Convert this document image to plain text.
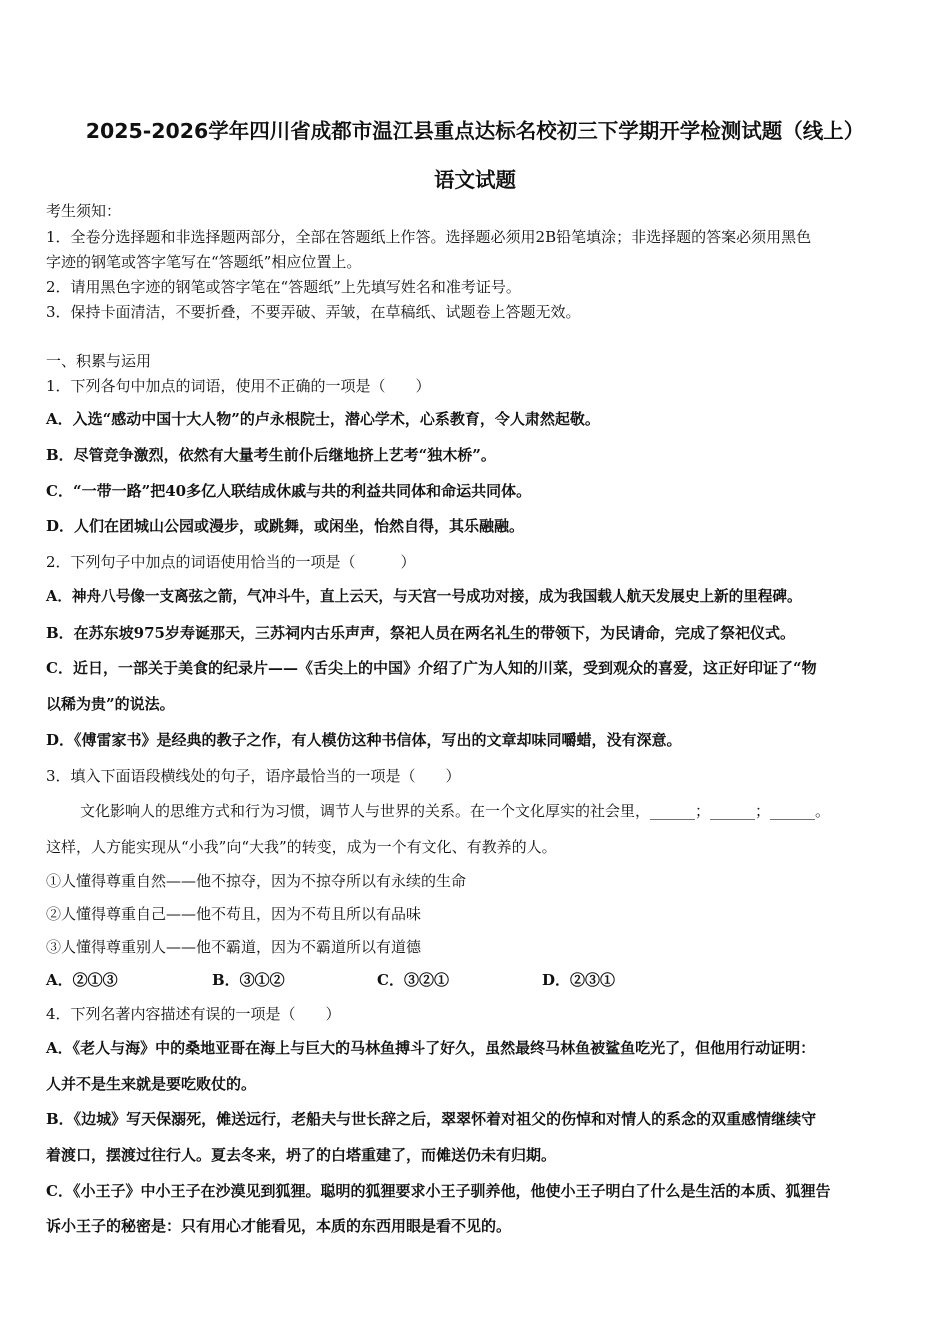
2025-2026学年四川省成都市温江县重点达标名校初三下学期开学检测试题（线上）
语文试题
考生须知：
1．全卷分选择题和非选择题两部分，全部在答题纸上作答。选择题必须用2B铅笔填涂；非选择题的答案必须用黑色
字迹的钢笔或答字笔写在“答题纸”相应位置上。
2．请用黑色字迹的钢笔或答字笔在“答题纸”上先填写姓名和准考证号。
3．保持卡面清洁，不要折叠，不要弄破、弄皱，在草稿纸、试题卷上答题无效。
一、积累与运用
1．下列各句中加点的词语，使用不正确的一项是（　　）
A．入选“感动中国十大人物”的卢永根院士，潜心学术，心系教育，令人肃然起敬。
B．尽管竞争激烈，依然有大量考生前仆后继地挤上艺考“独木桥”。
C．“一带一路”把40多亿人联结成休戚与共的利益共同体和命运共同体。
D．人们在团城山公园或漫步，或跳舞，或闲坐，怡然自得，其乐融融。
2．下列句子中加点的词语使用恰当的一项是（　　　）
A．神舟八号像一支离弦之箭，气冲斗牛，直上云天，与天宫一号成功对接，成为我国载人航天发展史上新的里程碑。
B．在苏东坡975岁寿诞那天，三苏祠内古乐声声，祭祀人员在两名礼生的带领下，为民请命，完成了祭祀仪式。
C．近日，一部关于美食的纪录片——《舌尖上的中国》介绍了广为人知的川菜，受到观众的喜爱，这正好印证了“物
以稀为贵”的说法。
D．《傅雷家书》是经典的教子之作，有人模仿这种书信体，写出的文章却味同嚼蜡，没有深意。
3．填入下面语段横线处的句子，语序最恰当的一项是（　　）
文化影响人的思维方式和行为习惯，调节人与世界的关系。在一个文化厚实的社会里，______；______；______。
这样，人方能实现从“小我”向“大我”的转变，成为一个有文化、有教养的人。
①人懂得尊重自然——他不掠夺，因为不掠夺所以有永续的生命
②人懂得尊重自己——他不苟且，因为不苟且所以有品味
③人懂得尊重别人——他不霸道，因为不霸道所以有道德
A．②①③	B．③①②	C．③②①	D．②③①
4．下列名著内容描述有误的一项是（　　）
A．《老人与海》中的桑地亚哥在海上与巨大的马林鱼搏斗了好久，虽然最终马林鱼被鲨鱼吃光了，但他用行动证明：
人并不是生来就是要吃败仗的。
B．《边城》写天保溺死，傩送远行，老船夫与世长辞之后，翠翠怀着对祖父的伤悼和对情人的系念的双重感情继续守
着渡口，摆渡过往行人。夏去冬来，坍了的白塔重建了，而傩送仍未有归期。
C．《小王子》中小王子在沙漠见到狐狸。聪明的狐狸要求小王子驯养他，他使小王子明白了什么是生活的本质、狐狸告
诉小王子的秘密是：只有用心才能看见，本质的东西用眼是看不见的。
